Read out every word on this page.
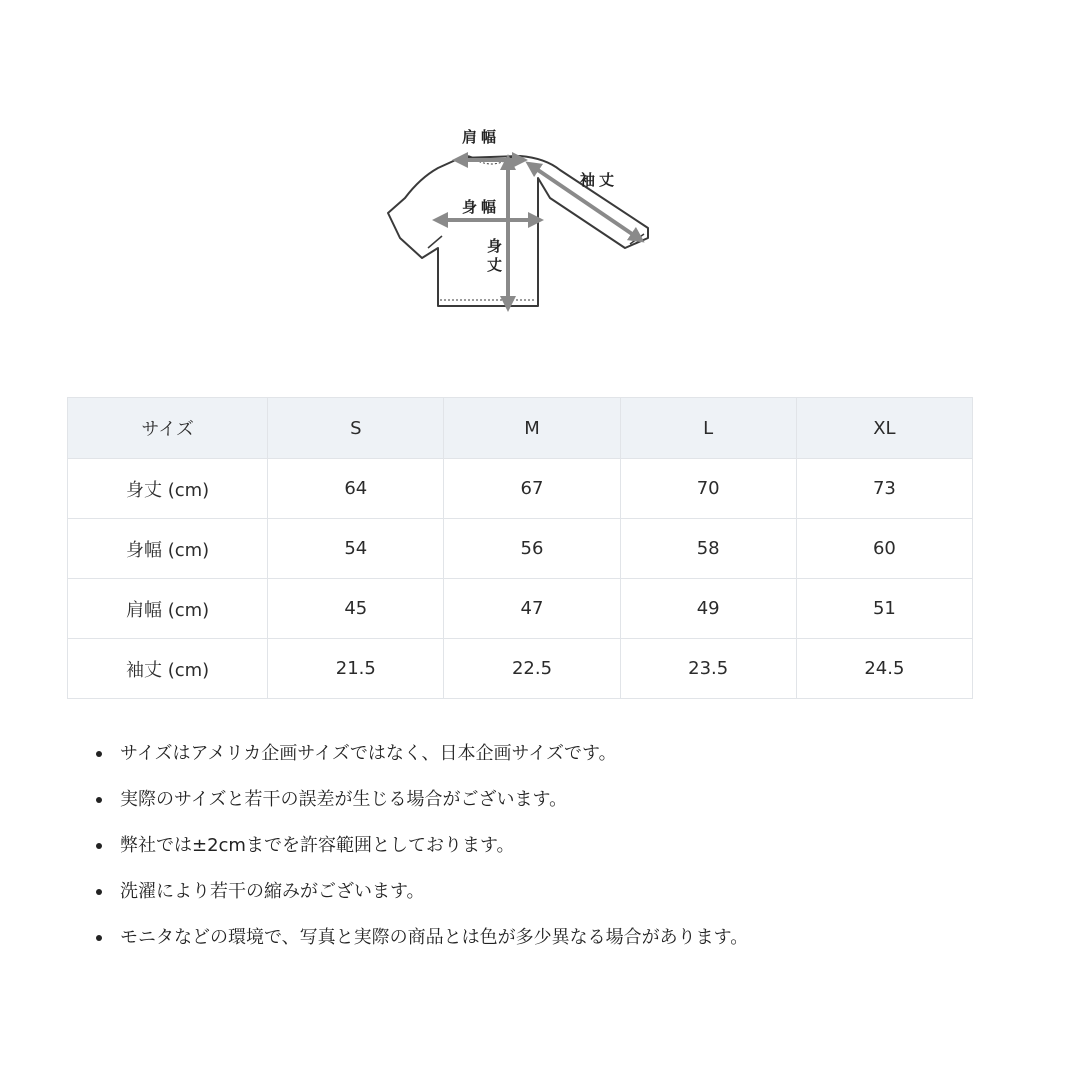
肩幅
袖丈
身幅
身丈
サイズ	S	M	L	XL
身丈 (cm)	64	67	70	73
身幅 (cm)	54	56	58	60
肩幅 (cm)	45	47	49	51
袖丈 (cm)	21.5	22.5	23.5	24.5
サイズはアメリカ企画サイズではなく、日本企画サイズです。
実際のサイズと若干の誤差が生じる場合がございます。
弊社では±2cmまでを許容範囲としております。
洗濯により若干の縮みがございます。
モニタなどの環境で、写真と実際の商品とは色が多少異なる場合があります。
